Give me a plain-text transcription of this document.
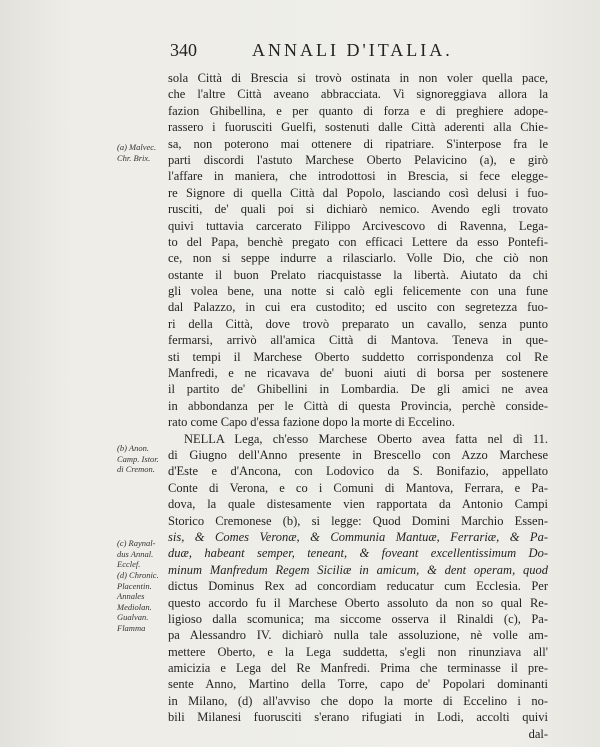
340	ANNALI D'ITALIA.
(a) Malvec.
Chr. Brix.
(b) Anon.
Camp. Istor.
di Cremon.
(c) Raynal-
dus Annal.
Ecclef.
(d) Chronic.
Placentin.
Annales
Mediolan.
Gualvan.
Flamma
sola Città di Brescia si trovò ostinata in non voler quella pace,
che l'altre Città aveano abbracciata. Vi signoreggiava allora la
fazion Ghibellina, e per quanto di forza e di preghiere adope-
rassero i fuorusciti Guelfi, sostenuti dalle Città aderenti alla Chie-
sa, non poterono mai ottenere di ripatriare. S'interpose fra le
parti discordi l'astuto Marchese Oberto Pelavicino (a), e girò
l'affare in maniera, che introdottosi in Brescia, si fece elegge-
re Signore di quella Città dal Popolo, lasciando così delusi i fuo-
rusciti, de' quali poi si dichiarò nemico. Avendo egli trovato
quivi tuttavia carcerato Filippo Arcivescovo di Ravenna, Lega-
to del Papa, benchè pregato con efficaci Lettere da esso Pontefi-
ce, non si seppe indurre a rilasciarlo. Volle Dio, che ciò non
ostante il buon Prelato riacquistasse la libertà. Aiutato da chi
gli volea bene, una notte si calò egli felicemente con una fune
dal Palazzo, in cui era custodito; ed uscito con segretezza fuo-
ri della Città, dove trovò preparato un cavallo, senza punto
fermarsi, arrivò all'amica Città di Mantova. Teneva in que-
sti tempi il Marchese Oberto suddetto corrispondenza col Re
Manfredi, e ne ricavava de' buoni aiuti di borsa per sostenere
il partito de' Ghibellini in Lombardia. De gli amici ne avea
in abbondanza per le Città di questa Provincia, perchè conside-
rato come Capo d'essa fazione dopo la morte di Eccelino.
NELLA Lega, ch'esso Marchese Oberto avea fatta nel dì 11.
di Giugno dell'Anno presente in Brescello con Azzo Marchese
d'Este e d'Ancona, con Lodovico da S. Bonifazio, appellato
Conte di Verona, e co i Comuni di Mantova, Ferrara, e Pa-
dova, la quale distesamente vien rapportata da Antonio Campi
Storico Cremonese (b), si legge: Quod Domini Marchio Essen-
sis, & Comes Veronæ, & Communia Mantuæ, Ferrariæ, & Pa-
duæ, habeant semper, teneant, & foveant excellentissimum Do-
minum Manfredum Regem Siciliæ in amicum, & dent operam, quod
dictus Dominus Rex ad concordiam reducatur cum Ecclesia. Per
questo accordo fu il Marchese Oberto assoluto da non so qual Re-
ligioso dalla scomunica; ma siccome osserva il Rinaldi (c), Pa-
pa Alessandro IV. dichiarò nulla tale assoluzione, nè volle am-
mettere Oberto, e la Lega suddetta, s'egli non rinunziava all'
amicizia e Lega del Re Manfredi. Prima che terminasse il pre-
sente Anno, Martino della Torre, capo de' Popolari dominanti
in Milano, (d) all'avviso che dopo la morte di Eccelino i no-
bili Milanesi fuorusciti s'erano rifugiati in Lodi, accolti quivi
dal-
